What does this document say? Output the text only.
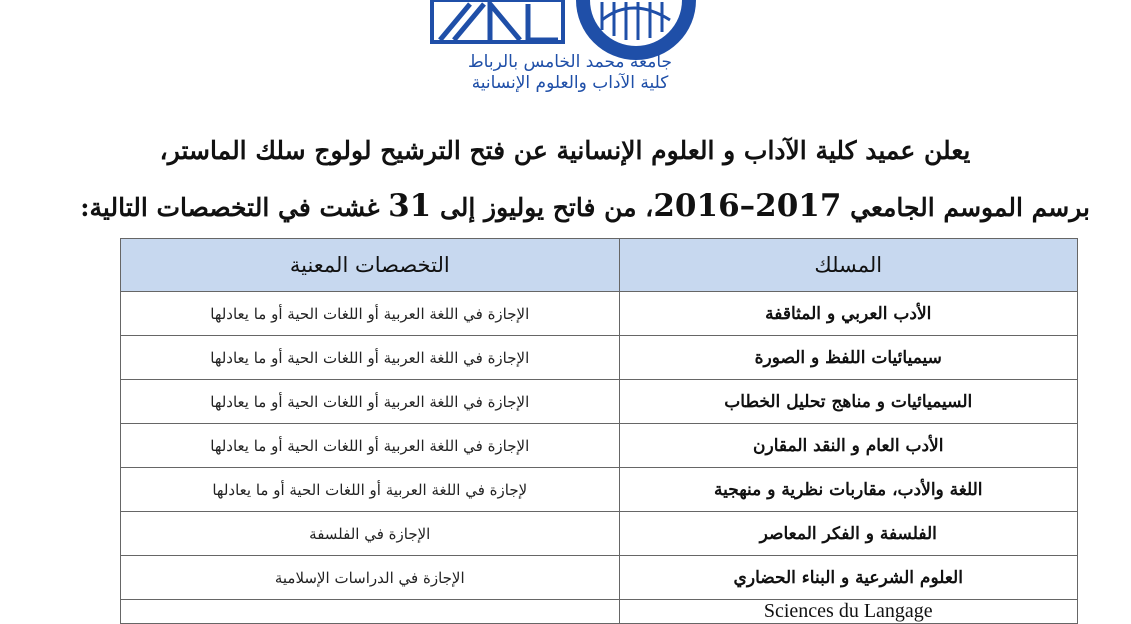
جامعة محمد الخامس بالرباط
كلية الآداب والعلوم الإنسانية
يعلن عميد كلية الآداب و العلوم الإنسانية عن فتح الترشيح لولوج سلك الماستر،
برسم الموسم الجامعي 2016–2017، من فاتح يوليوز إلى 31 غشت في التخصصات التالية:
المسلك	التخصصات المعنية
الأدب العربي و المثاقفة	الإجازة في اللغة العربية أو اللغات الحية أو ما يعادلها
سيميائيات اللفظ و الصورة	الإجازة في اللغة العربية أو اللغات الحية أو ما يعادلها
السيميائيات و مناهج تحليل الخطاب	الإجازة في اللغة العربية أو اللغات الحية أو ما يعادلها
الأدب العام و النقد المقارن	الإجازة في اللغة العربية أو اللغات الحية أو ما يعادلها
اللغة والأدب، مقاربات نظرية و منهجية	لإجازة في اللغة العربية أو اللغات الحية أو ما يعادلها
الفلسفة و الفكر المعاصر	الإجازة في الفلسفة
العلوم الشرعية و البناء الحضاري	الإجازة في الدراسات الإسلامية
Sciences du Langage	
